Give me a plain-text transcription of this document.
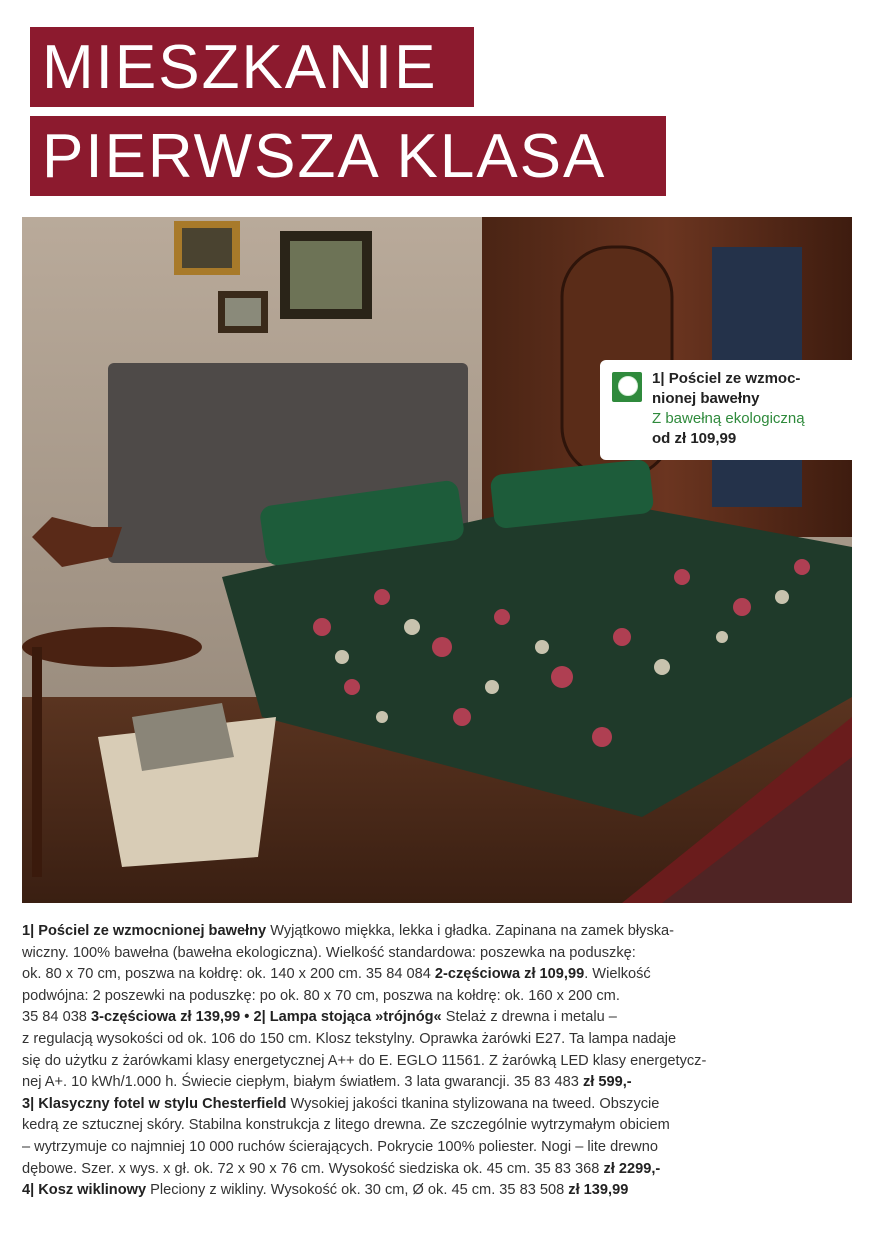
MIESZKANIE
PIERWSZA KLASA
GOOD EARTH
1| Pościel ze wzmoc-
nionej bawełny
Z bawełną ekologiczną
od zł 109,99
1| Pościel ze wzmocnionej bawełny Wyjątkowo miękka, lekka i gładka. Zapinana na zamek błyska-
wiczny. 100% bawełna (bawełna ekologiczna). Wielkość standardowa: poszewka na poduszkę:
ok. 80 x 70 cm, poszwa na kołdrę: ok. 140 x 200 cm. 35 84 084 2-częściowa zł 109,99. Wielkość
podwójna: 2 poszewki na poduszkę: po ok. 80 x 70 cm, poszwa na kołdrę: ok. 160 x 200 cm.
35 84 038 3-częściowa zł 139,99 • 2| Lampa stojąca »trójnóg« Stelaż z drewna i metalu –
z regulacją wysokości od ok. 106 do 150 cm. Klosz tekstylny. Oprawka żarówki E27. Ta lampa nadaje
się do użytku z żarówkami klasy energetycznej A++ do E. EGLO 11561. Z żarówką LED klasy energetycz-
nej A+. 10 kWh/1.000 h. Świecie ciepłym, białym światłem. 3 lata gwarancji. 35 83 483 zł 599,-
3| Klasyczny fotel w stylu Chesterfield Wysokiej jakości tkanina stylizowana na tweed. Obszycie
kedrą ze sztucznej skóry. Stabilna konstrukcja z litego drewna. Ze szczególnie wytrzymałym obiciem
– wytrzymuje co najmniej 10 000 ruchów ścierających. Pokrycie 100% poliester. Nogi – lite drewno
dębowe. Szer. x wys. x gł. ok. 72 x 90 x 76 cm. Wysokość siedziska ok. 45 cm. 35 83 368 zł 2299,-
4| Kosz wiklinowy Pleciony z wikliny. Wysokość ok. 30 cm, Ø ok. 45 cm. 35 83 508 zł 139,99
